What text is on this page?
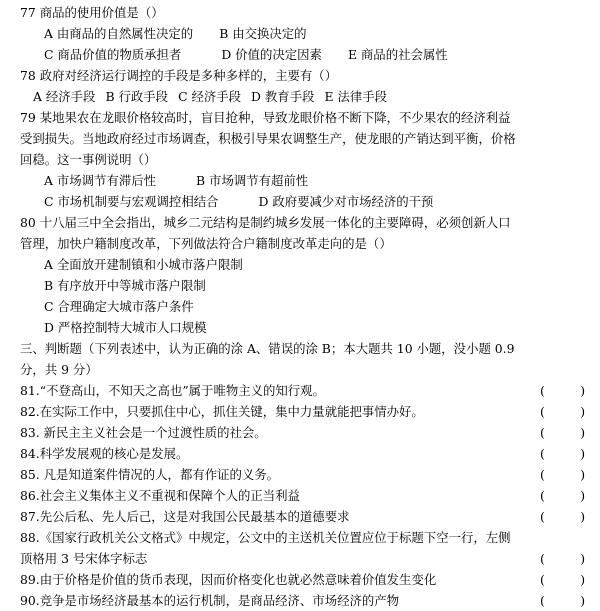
77 商品的使用价值是（）
A 由商品的自然属性决定的 B 由交换决定的
C 商品价值的物质承担者	D 价值的决定因素 E 商品的社会属性
78 政府对经济运行调控的手段是多种多样的，主要有（）
A 经济手段 B 行政手段 C 经济手段 D 教育手段 E 法律手段
79 某地果农在龙眼价格较高时，盲目抢种，导致龙眼价格不断下降，不少果农的经济利益
受到损失。当地政府经过市场调查，积极引导果农调整生产，使龙眼的产销达到平衡，价格
回稳。这一事例说明（）
A 市场调节有滞后性	B 市场调节有超前性
C 市场机制要与宏观调控相结合	D 政府要减少对市场经济的干预
80 十八届三中全会指出，城乡二元结构是制约城乡发展一体化的主要障碍，必须创新人口
管理，加快户籍制度改革，下列做法符合户籍制度改革走向的是（）
A 全面放开建制镇和小城市落户限制
B 有序放开中等城市落户限制
C 合理确定大城市落户条件
D 严格控制特大城市人口规模
三、判断题（下列表述中，认为正确的涂 A、错误的涂 B；本大题共 10 小题，没小题 0.9
分，共 9 分）
81.“不登高山，不知天之高也”属于唯物主义的知行观。	(         )
82.在实际工作中，只要抓住中心，抓住关键，集中力量就能把事情办好。	(         )
83. 新民主主义社会是一个过渡性质的社会。	(         )
84.科学发展观的核心是发展。	(         )
85. 凡是知道案件情况的人，都有作证的义务。	(         )
86.社会主义集体主义不重视和保障个人的正当利益	(         )
87.先公后私、先人后己，这是对我国公民最基本的道德要求	(         )
88.《国家行政机关公文格式》中规定，公文中的主送机关位置应位于标题下空一行，左侧
顶格用 3 号宋体字标志	(         )
89.由于价格是价值的货币表现，因而价格变化也就必然意味着价值发生变化	(         )
90.竞争是市场经济最基本的运行机制，是商品经济、市场经济的产物	(         )
